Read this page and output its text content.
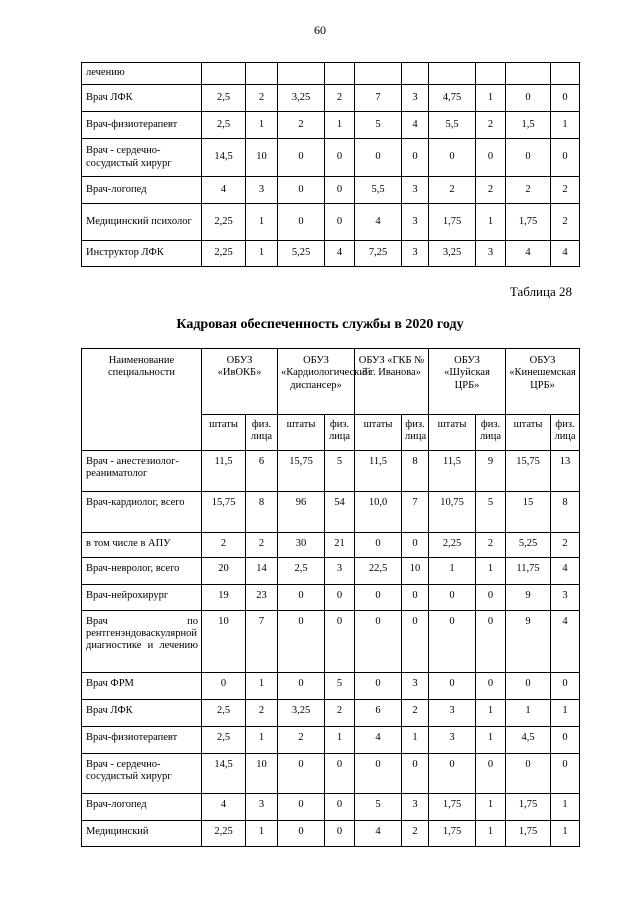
60
лечению										
Врач ЛФК	2,5	2	3,25	2	7	3	4,75	1	0	0
Врач-физиотерапевт	2,5	1	2	1	5	4	5,5	2	1,5	1
Врач - сердечно-сосудистый хирург	14,5	10	0	0	0	0	0	0	0	0
Врач-логопед	4	3	0	0	5,5	3	2	2	2	2
Медицинский психолог	2,25	1	0	0	4	3	1,75	1	1,75	2
Инструктор ЛФК	2,25	1	5,25	4	7,25	3	3,25	3	4	4
Таблица 28
Кадровая обеспеченность службы в 2020 году
Наименование специальности	ОБУЗ «ИвОКБ»		ОБУЗ «Кардиологический диспансер»		ОБУЗ «ГКБ № 3 г. Иванова»		ОБУЗ «Шуйская ЦРБ»		ОБУЗ «Кинешемская ЦРБ»	
	штаты	физ. лица	штаты	физ. лица	штаты	физ. лица	штаты	физ. лица	штаты	физ. лица
Врач - анестезиолог-реаниматолог	11,5	6	15,75	5	11,5	8	11,5	9	15,75	13
Врач-кардиолог, всего	15,75	8	96	54	10,0	7	10,75	5	15	8
в том числе в АПУ	2	2	30	21	0	0	2,25	2	5,25	2
Врач-невролог, всего	20	14	2,5	3	22,5	10	1	1	11,75	4
Врач-нейрохирург	19	23	0	0	0	0	0	0	9	3
Врач по рентгенэндоваскулярной диагностике и лечению	10	7	0	0	0	0	0	0	9	4
Врач ФРМ	0	1	0	5	0	3	0	0	0	0
Врач ЛФК	2,5	2	3,25	2	6	2	3	1	1	1
Врач-физиотерапевт	2,5	1	2	1	4	1	3	1	4,5	0
Врач - сердечно-сосудистый хирург	14,5	10	0	0	0	0	0	0	0	0
Врач-логопед	4	3	0	0	5	3	1,75	1	1,75	1
Медицинский	2,25	1	0	0	4	2	1,75	1	1,75	1
